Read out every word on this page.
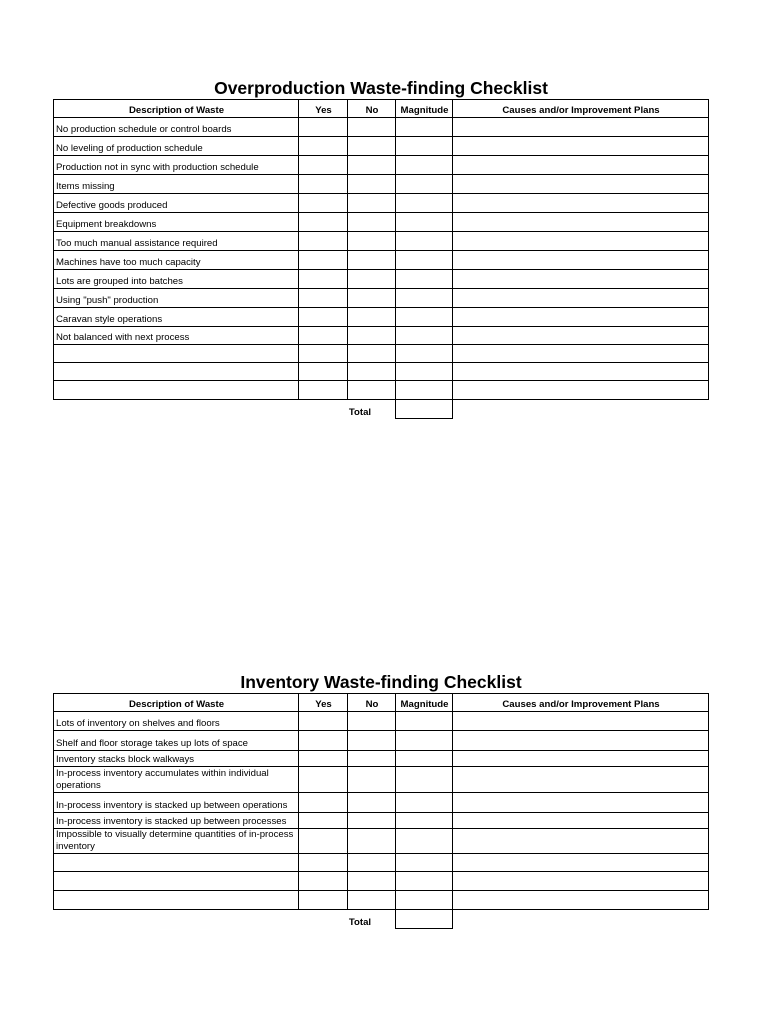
Overproduction Waste-finding Checklist
Description of Waste	Yes	No	Magnitude	Causes and/or Improvement Plans
No production schedule or control boards
No leveling of production schedule
Production not in sync with production schedule
Items missing
Defective goods produced
Equipment breakdowns
Too much manual assistance required
Machines have too much capacity
Lots are grouped into batches
Using "push" production
Caravan style operations
Not balanced with next process
Total
Inventory Waste-finding Checklist
Description of Waste	Yes	No	Magnitude	Causes and/or Improvement Plans
Lots of inventory on shelves and floors
Shelf and floor storage takes up lots of space
Inventory stacks block walkways
In-process inventory accumulates within individual operations
In-process inventory is stacked up between operations
In-process inventory is stacked up between processes
Impossible to visually determine quantities of in-process inventory
Total
